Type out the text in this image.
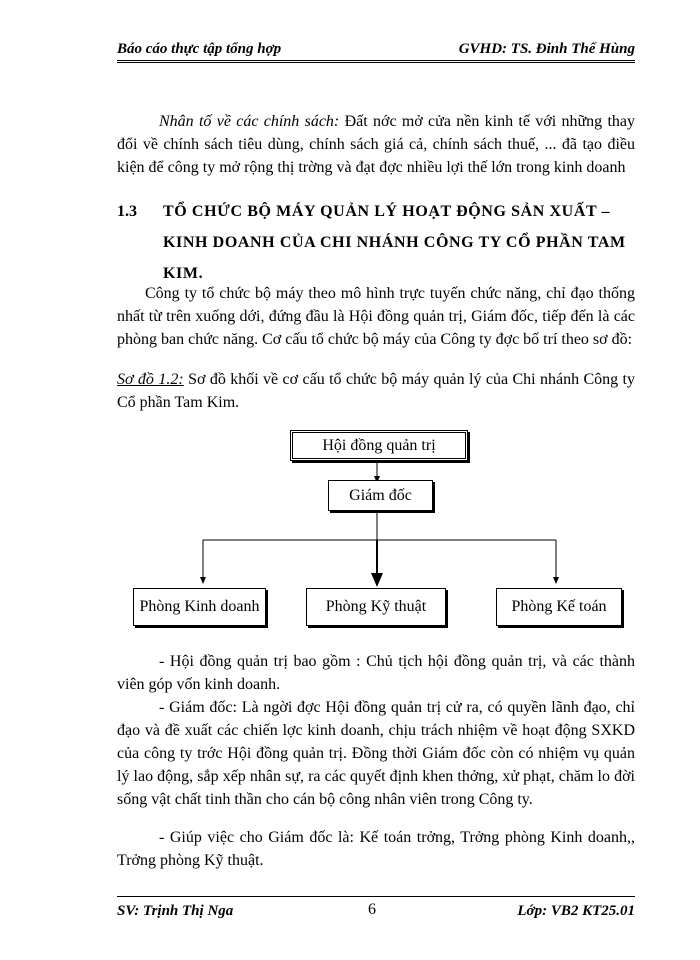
Báo cáo thực tập tổng hợp	GVHD: TS. Đinh Thế Hùng

Nhân tố về các chính sách: Đất nớc mở cửa nền kinh tế với những thay đổi về chính sách tiêu dùng, chính sách giá cả, chính sách thuế, ... đã tạo điều kiện để công ty mở rộng thị trờng và đạt đợc nhiều lợi thế lớn trong kinh doanh

1.3 TỔ CHỨC BỘ MÁY QUẢN LÝ HOẠT ĐỘNG SẢN XUẤT – KINH DOANH CỦA CHI NHÁNH CÔNG TY CỔ PHẦN TAM KIM.

Công ty tổ chức bộ máy theo mô hình trực tuyến chức năng, chỉ đạo thống nhất từ trên xuống dới, đứng đầu là Hội đồng quản trị, Giám đốc, tiếp đến là các phòng ban chức năng. Cơ cấu tổ chức bộ máy của Công ty đợc bố trí theo sơ đồ:

Sơ đồ 1.2: Sơ đồ khối về cơ cấu tổ chức bộ máy quản lý của Chi nhánh Công ty Cổ phần Tam Kim.

Hội đồng quản trị
Giám đốc
Phòng Kinh doanh	Phòng Kỹ thuật	Phòng Kế toán

- Hội đồng quản trị bao gồm : Chủ tịch hội đồng quản trị, và các thành viên góp vốn kinh doanh.

- Giám đốc: Là ngời đợc Hội đồng quản trị cử ra, có quyền lãnh đạo, chỉ đạo và đề xuất các chiến lợc kinh doanh, chịu trách nhiệm về hoạt động SXKD của công ty trớc Hội đồng quản trị. Đồng thời Giám đốc còn có nhiệm vụ quản lý lao động, sắp xếp nhân sự, ra các quyết định khen thởng, xử phạt, chăm lo đời sống vật chất tinh thần cho cán bộ công nhân viên trong Công ty.

- Giúp việc cho Giám đốc là: Kế toán trởng, Trởng phòng Kinh doanh,, Trởng phòng Kỹ thuật.

SV: Trịnh Thị Nga	6	Lớp: VB2 KT25.01
